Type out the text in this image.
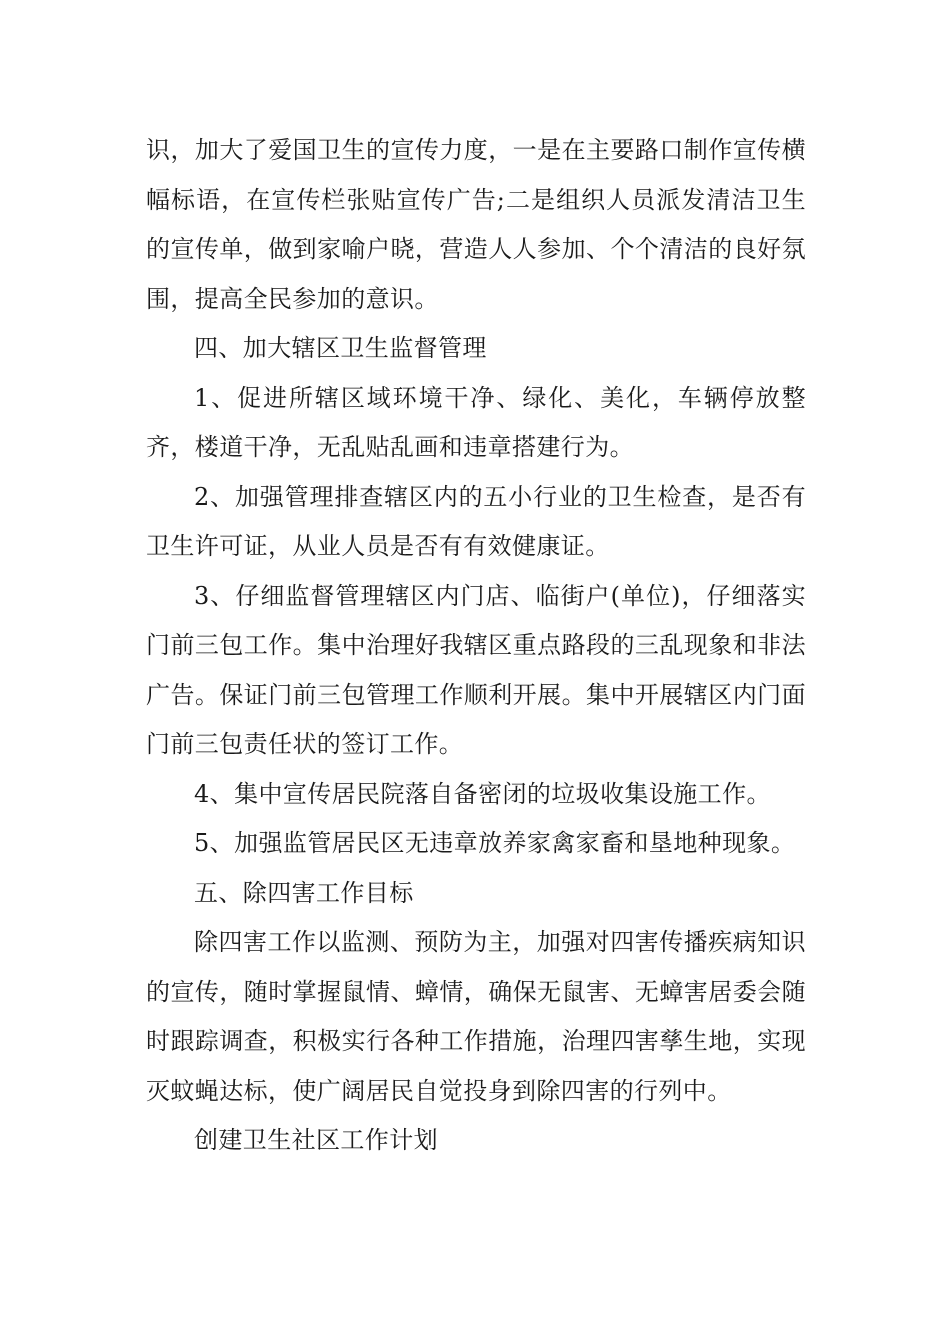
识，加大了爱国卫生的宣传力度，一是在主要路口制作宣传横幅标语，在宣传栏张贴宣传广告;二是组织人员派发清洁卫生的宣传单，做到家喻户晓，营造人人参加、个个清洁的良好氛围，提高全民参加的意识。

四、加大辖区卫生监督管理

1、促进所辖区域环境干净、绿化、美化，车辆停放整齐，楼道干净，无乱贴乱画和违章搭建行为。

2、加强管理排查辖区内的五小行业的卫生检查，是否有卫生许可证，从业人员是否有有效健康证。

3、仔细监督管理辖区内门店、临街户(单位)，仔细落实门前三包工作。集中治理好我辖区重点路段的三乱现象和非法广告。保证门前三包管理工作顺利开展。集中开展辖区内门面门前三包责任状的签订工作。

4、集中宣传居民院落自备密闭的垃圾收集设施工作。

5、加强监管居民区无违章放养家禽家畜和垦地种现象。

五、除四害工作目标

除四害工作以监测、预防为主，加强对四害传播疾病知识的宣传，随时掌握鼠情、蟑情，确保无鼠害、无蟑害居委会随时跟踪调查，积极实行各种工作措施，治理四害孳生地，实现灭蚊蝇达标，使广阔居民自觉投身到除四害的行列中。

创建卫生社区工作计划
